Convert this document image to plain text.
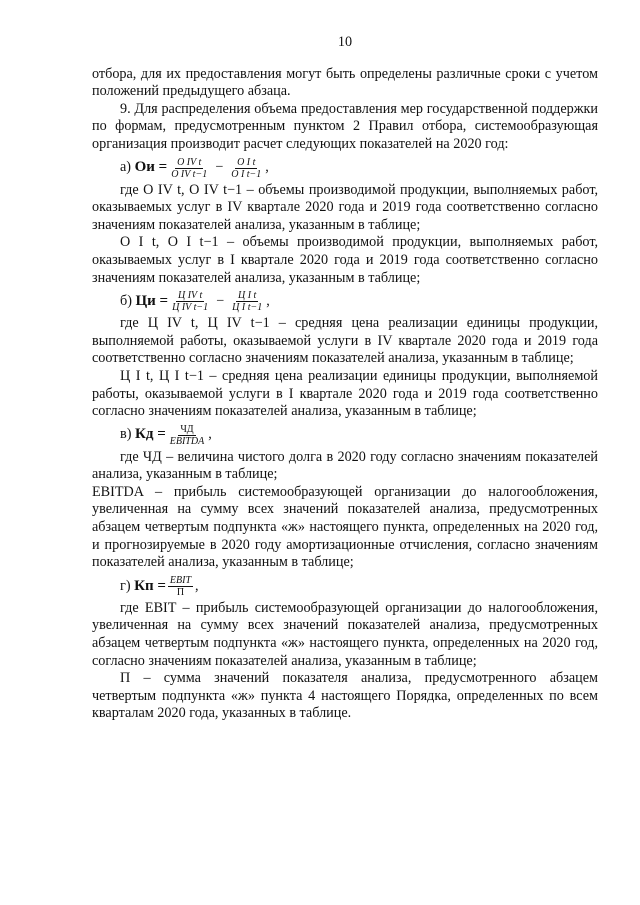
10

отбора, для их предоставления могут быть определены различные сроки с учетом положений предыдущего абзаца.

9. Для распределения объема предоставления мер государственной поддержки по формам, предусмотренным пунктом 2 Правил отбора, системообразующая организация производит расчет следующих показателей на 2020 год:

а)
Ои = $\frac{\text{О IV t}}{\text{О IV t−1}} - \frac{\text{О I t}}{\text{О I t−1}}$ ,

где О IV t, О IV t−1 – объемы производимой продукции, выполняемых работ, оказываемых услуг в IV квартале 2020 года и 2019 года соответственно согласно значениям показателей анализа, указанным в таблице;

О I t, О I t−1 – объемы производимой продукции, выполняемых работ, оказываемых услуг в I квартале 2020 года и 2019 года соответственно согласно значениям показателей анализа, указанным в таблице;

б)
Ци = $\frac{\text{Ц IV t}}{\text{Ц IV t−1}} - \frac{\text{Ц I t}}{\text{Ц I t−1}}$ ,

где Ц IV t, Ц IV t−1 – средняя цена реализации единицы продукции, выполняемой работы, оказываемой услуги в IV квартале 2020 года и 2019 года соответственно согласно значениям показателей анализа, указанным в таблице;

Ц I t, Ц I t−1 – средняя цена реализации единицы продукции, выполняемой работы, оказываемой услуги в I квартале 2020 года и 2019 года соответственно согласно значениям показателей анализа, указанным в таблице;

в)
Кд = $\frac{ЧД}{\text{EBITDA}}$ ,

где ЧД – величина чистого долга в 2020 году согласно значениям показателей анализа, указанным в таблице;

EBITDA – прибыль системообразующей организации до налогообложения, увеличенная на сумму всех значений показателей анализа, предусмотренных абзацем четвертым подпункта «ж» настоящего пункта, определенных на 2020 год, и прогнозируемые в 2020 году амортизационные отчисления, согласно значениям показателей анализа, указанным в таблице;

г)
Кп = $\frac{\text{EBIT}}{П}$ ,

где EBIT – прибыль системообразующей организации до налогообложения, увеличенная на сумму всех значений показателей анализа, предусмотренных абзацем четвертым подпункта «ж» настоящего пункта, определенных на 2020 год, согласно значениям показателей анализа, указанным в таблице;

П – сумма значений показателя анализа, предусмотренного абзацем четвертым подпункта «ж» пункта 4 настоящего Порядка, определенных по всем кварталам 2020 года, указанных в таблице.
